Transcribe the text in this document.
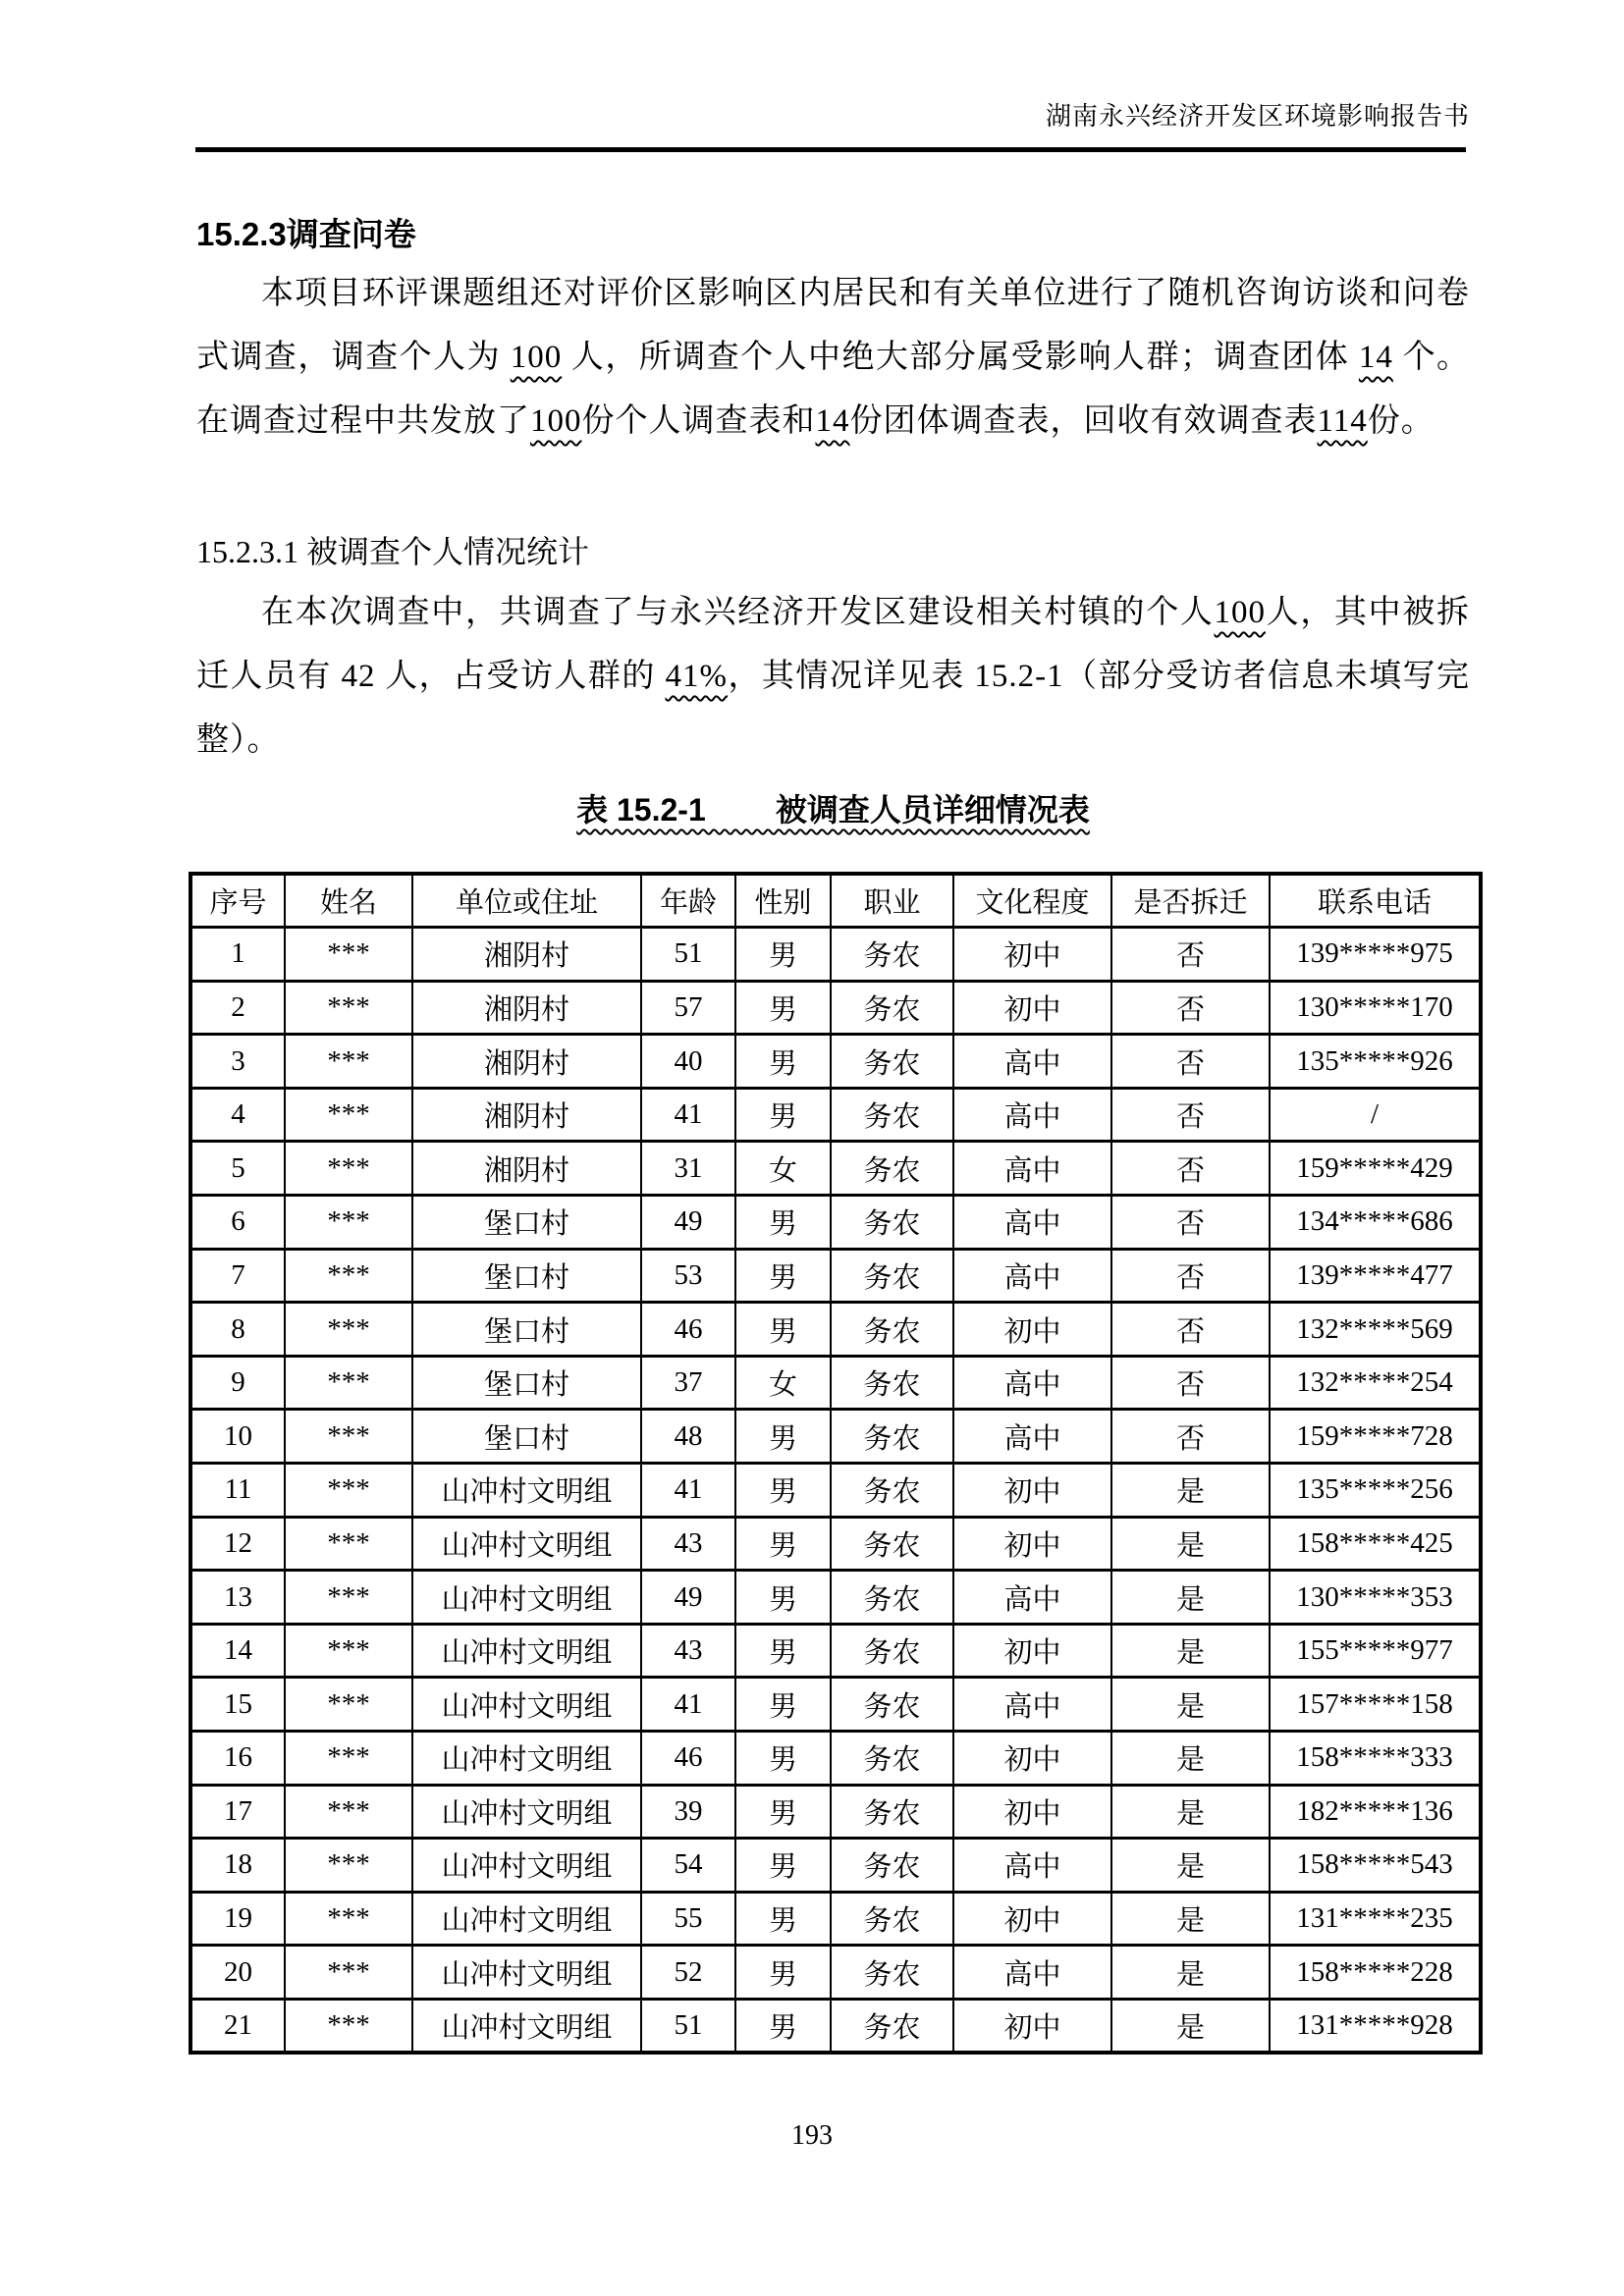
湖南永兴经济开发区环境影响报告书
15.2.3调查问卷

本项目环评课题组还对评价区影响区内居民和有关单位进行了随机咨询访谈和问卷式调查，调查个人为 100 人，所调查个人中绝大部分属受影响人群；调查团体 14 个。在调查过程中共发放了100份个人调查表和14份团体调查表，回收有效调查表114份。

15.2.3.1 被调查个人情况统计

在本次调查中，共调查了与永兴经济开发区建设相关村镇的个人100人，其中被拆迁人员有 42 人，占受访人群的 41%，其情况详见表 15.2-1（部分受访者信息未填写完整）。

表 15.2-1        被调查人员详细情况表
序号	姓名	单位或住址	年龄	性别	职业	文化程度	是否拆迁	联系电话
1	***	湘阴村	51	男	务农	初中	否	139*****975
2	***	湘阴村	57	男	务农	初中	否	130*****170
3	***	湘阴村	40	男	务农	高中	否	135*****926
4	***	湘阴村	41	男	务农	高中	否	/
5	***	湘阴村	31	女	务农	高中	否	159*****429
6	***	堡口村	49	男	务农	高中	否	134*****686
7	***	堡口村	53	男	务农	高中	否	139*****477
8	***	堡口村	46	男	务农	初中	否	132*****569
9	***	堡口村	37	女	务农	高中	否	132*****254
10	***	堡口村	48	男	务农	高中	否	159*****728
11	***	山冲村文明组	41	男	务农	初中	是	135*****256
12	***	山冲村文明组	43	男	务农	初中	是	158*****425
13	***	山冲村文明组	49	男	务农	高中	是	130*****353
14	***	山冲村文明组	43	男	务农	初中	是	155*****977
15	***	山冲村文明组	41	男	务农	高中	是	157*****158
16	***	山冲村文明组	46	男	务农	初中	是	158*****333
17	***	山冲村文明组	39	男	务农	初中	是	182*****136
18	***	山冲村文明组	54	男	务农	高中	是	158*****543
19	***	山冲村文明组	55	男	务农	初中	是	131*****235
20	***	山冲村文明组	52	男	务农	高中	是	158*****228
21	***	山冲村文明组	51	男	务农	初中	是	131*****928
193
